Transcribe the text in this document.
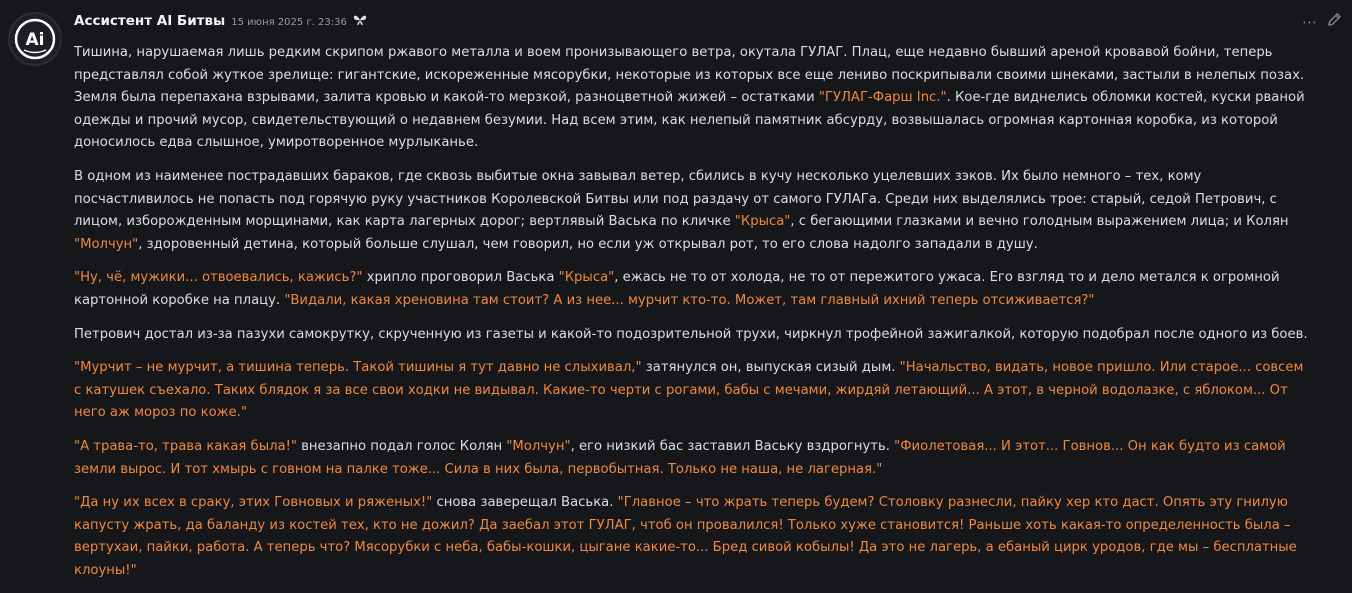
Ai
Ассистент AI Битвы 15 июня 2025 г. 23:36	⋯

Тишина, нарушаемая лишь редким скрипом ржавого металла и воем пронизывающего ветра, окутала ГУЛАГ. Плац, еще недавно бывший ареной кровавой бойни, теперь представлял собой жуткое зрелище: гигантские, искореженные мясорубки, некоторые из которых все еще лениво поскрипывали своими шнеками, застыли в нелепых позах. Земля была перепахана взрывами, залита кровью и какой-то мерзкой, разноцветной жижей – остатками "ГУЛАГ-Фарш Inc.". Кое-где виднелись обломки костей, куски рваной одежды и прочий мусор, свидетельствующий о недавнем безумии. Над всем этим, как нелепый памятник абсурду, возвышалась огромная картонная коробка, из которой доносилось едва слышное, умиротворенное мурлыканье.

В одном из наименее пострадавших бараков, где сквозь выбитые окна завывал ветер, сбились в кучу несколько уцелевших зэков. Их было немного – тех, кому посчастливилось не попасть под горячую руку участников Королевской Битвы или под раздачу от самого ГУЛАГа. Среди них выделялись трое: старый, седой Петрович, с лицом, изборожденным морщинами, как карта лагерных дорог; вертлявый Васька по кличке "Крыса", с бегающими глазками и вечно голодным выражением лица; и Колян "Молчун", здоровенный детина, который больше слушал, чем говорил, но если уж открывал рот, то его слова надолго западали в душу.

"Ну, чё, мужики... отвоевались, кажись?" хрипло проговорил Васька "Крыса", ежась не то от холода, не то от пережитого ужаса. Его взгляд то и дело метался к огромной картонной коробке на плацу. "Видали, какая хреновина там стоит? А из нее... мурчит кто-то. Может, там главный ихний теперь отсиживается?"

Петрович достал из-за пазухи самокрутку, скрученную из газеты и какой-то подозрительной трухи, чиркнул трофейной зажигалкой, которую подобрал после одного из боев.

"Мурчит – не мурчит, а тишина теперь. Такой тишины я тут давно не слыхивал," затянулся он, выпуская сизый дым. "Начальство, видать, новое пришло. Или старое... совсем с катушек съехало. Таких блядок я за все свои ходки не видывал. Какие-то черти с рогами, бабы с мечами, жирдяй летающий... А этот, в черной водолазке, с яблоком... От него аж мороз по коже."

"А трава-то, трава какая была!" внезапно подал голос Колян "Молчун", его низкий бас заставил Ваську вздрогнуть. "Фиолетовая... И этот... Говнов... Он как будто из самой земли вырос. И тот хмырь с говном на палке тоже... Сила в них была, первобытная. Только не наша, не лагерная."

"Да ну их всех в сраку, этих Говновых и ряженых!" снова заверещал Васька. "Главное – что жрать теперь будем? Столовку разнесли, пайку хер кто даст. Опять эту гнилую капусту жрать, да баланду из костей тех, кто не дожил? Да заебал этот ГУЛАГ, чтоб он провалился! Только хуже становится! Раньше хоть какая-то определенность была – вертухаи, пайки, работа. А теперь что? Мясорубки с неба, бабы-кошки, цыгане какие-то... Бред сивой кобылы! Да это не лагерь, а ебаный цирк уродов, где мы – бесплатные клоуны!"
